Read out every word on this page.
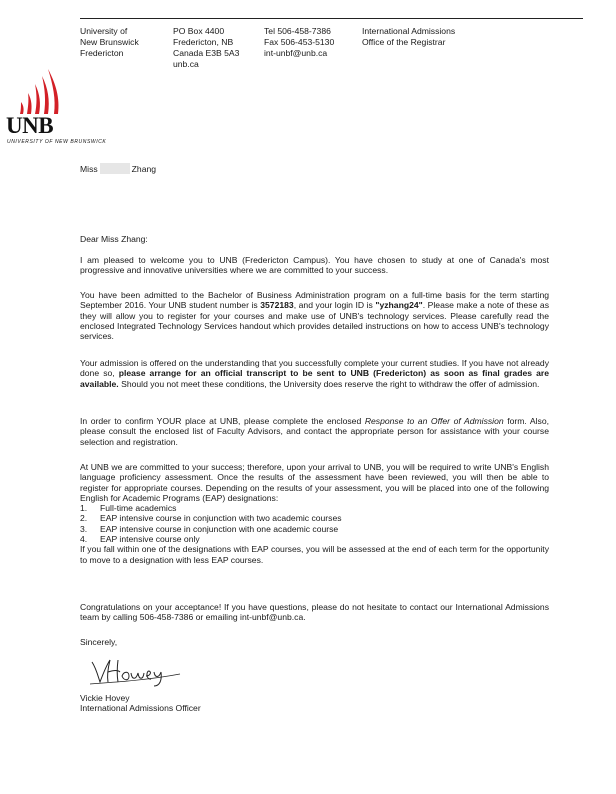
University of
New Brunswick
Fredericton
PO Box 4400
Fredericton, NB
Canada E3B 5A3
unb.ca
Tel 506-458-7386
Fax 506-453-5130
int-unbf@unb.ca
International Admissions
Office of the Registrar
UNB
UNIVERSITY OF NEW BRUNSWICK
Miss	Zhang

Dear Miss Zhang:

I am pleased to welcome you to UNB (Fredericton Campus). You have chosen to study at one of Canada's most progressive and innovative universities where we are committed to your success.

You have been admitted to the Bachelor of Business Administration program on a full-time basis for the term starting September 2016. Your UNB student number is 3572183, and your login ID is "yzhang24". Please make a note of these as they will allow you to register for your courses and make use of UNB's technology services. Please carefully read the enclosed Integrated Technology Services handout which provides detailed instructions on how to access UNB's technology services.

Your admission is offered on the understanding that you successfully complete your current studies. If you have not already done so, please arrange for an official transcript to be sent to UNB (Fredericton) as soon as final grades are available. Should you not meet these conditions, the University does reserve the right to withdraw the offer of admission.

In order to confirm YOUR place at UNB, please complete the enclosed Response to an Offer of Admission form. Also, please consult the enclosed list of Faculty Advisors, and contact the appropriate person for assistance with your course selection and registration.

At UNB we are committed to your success; therefore, upon your arrival to UNB, you will be required to write UNB's English language proficiency assessment. Once the results of the assessment have been reviewed, you will then be able to register for appropriate courses. Depending on the results of your assessment, you will be placed into one of the following English for Academic Programs (EAP) designations:

1.	Full-time academics
2.	EAP intensive course in conjunction with two academic courses
3.	EAP intensive course in conjunction with one academic course
4.	EAP intensive course only

If you fall within one of the designations with EAP courses, you will be assessed at the end of each term for the opportunity to move to a designation with less EAP courses.

Congratulations on your acceptance! If you have questions, please do not hesitate to contact our International Admissions team by calling 506-458-7386 or emailing int-unbf@unb.ca.

Sincerely,

Vickie Hovey
International Admissions Officer
